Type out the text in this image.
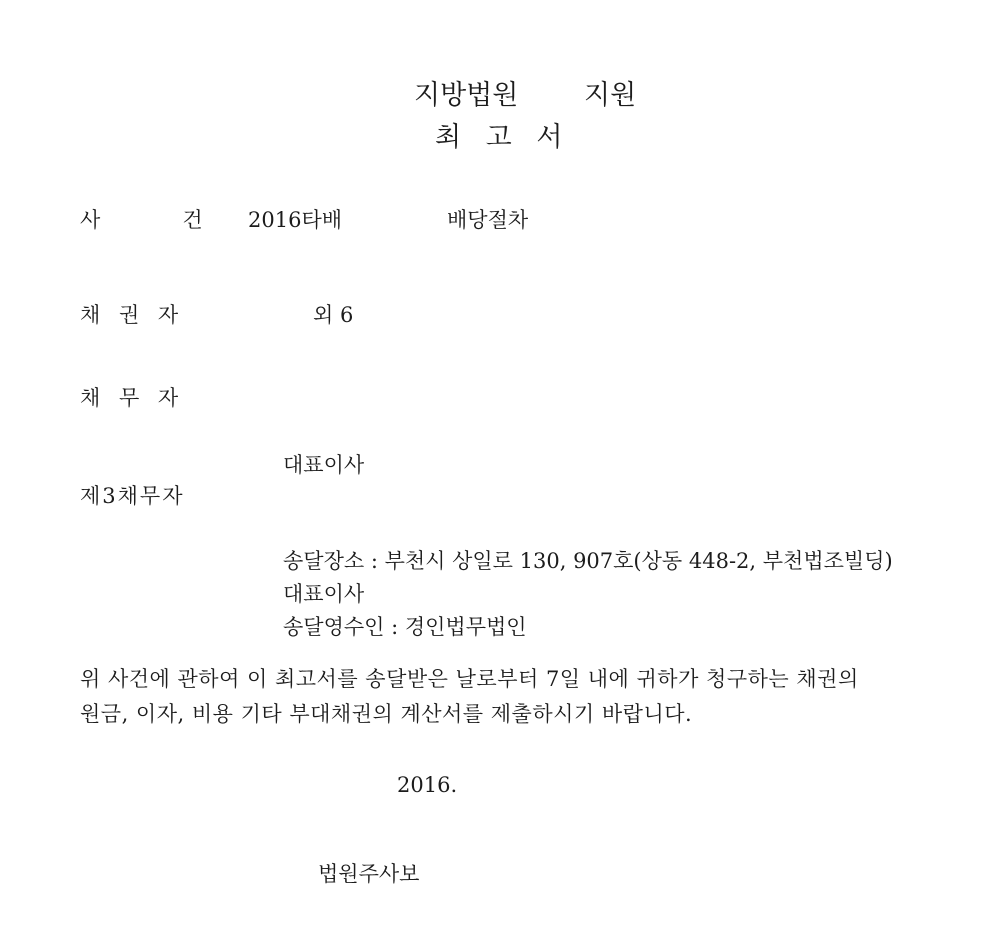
지방법원 지원
최 고 서
사      건 2016타배	배당절차
채 권 자	외 6
채 무 자
대표이사
제3채무자
송달장소 : 부천시 상일로 130, 907호(상동 448-2, 부천법조빌딩)
대표이사
송달영수인 : 경인법무법인
위 사건에 관하여 이 최고서를 송달받은 날로부터 7일 내에 귀하가 청구하는 채권의
원금, 이자, 비용 기타 부대채권의 계산서를 제출하시기 바랍니다.
2016.
법원주사보
